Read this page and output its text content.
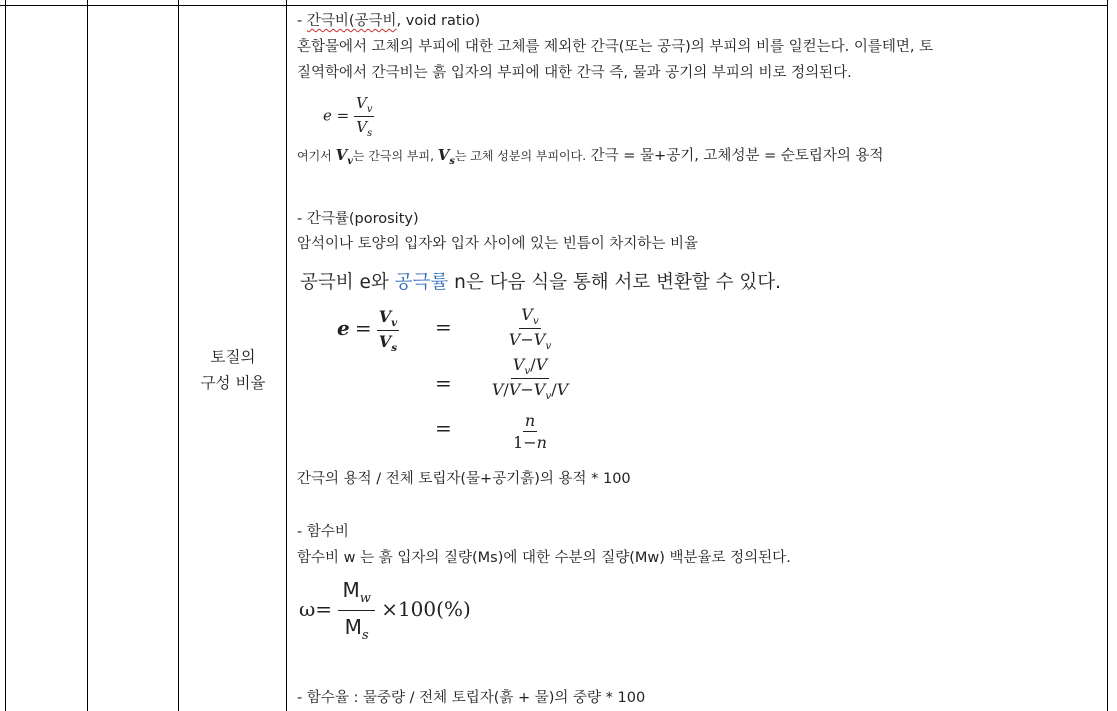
토질의
구성 비율
- 간극비(공극비, void ratio)
혼합물에서 고체의 부피에 대한 고체를 제외한 간극(또는 공극)의 부피의 비를 일컫는다. 이를테면, 토
질역학에서 간극비는 흙 입자의 부피에 대한 간극 즉, 물과 공기의 부피의 비로 정의된다.
$e = \frac{V_v}{V_s}$
여기서 $V_v$는 간극의 부피, $V_s$는 고체 성분의 부피이다. 간극 = 물+공기, 고체성분 = 순토립자의 용적
- 간극률(porosity)
암석이나 토양의 입자와 입자 사이에 있는 빈틈이 차지하는 비율
공극비 e와 공극률 n은 다음 식을 통해 서로 변환할 수 있다.
$e = \frac{V_v}{V_s}$ =	$\frac{V_v}{V-V_v}$
= $\frac{V_v/V}{V/V-V_v/V}$
=	$\frac{n}{1-n}$
간극의 용적 / 전체 토립자(물+공기흙)의 용적 * 100
- 함수비
함수비 w 는 흙 입자의 질량(Ms)에 대한 수분의 질량(Mw) 백분율로 정의된다.
$\omega= \frac{M_w}{M_s} \times 100(\%)$
- 함수율 : 물중량 / 전체 토립자(흙 + 물)의 중량 * 100
